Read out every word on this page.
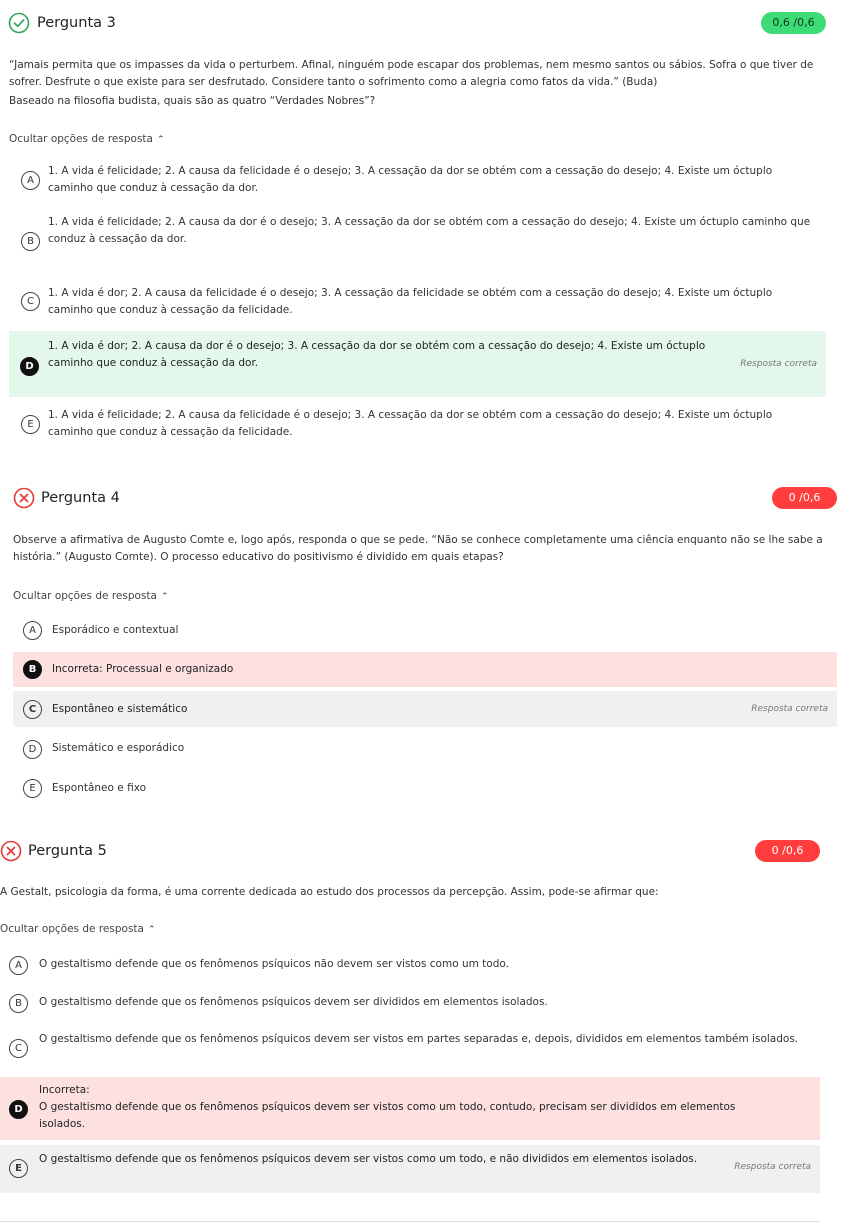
Pergunta 3	0,6 /0,6
“Jamais permita que os impasses da vida o perturbem. Afinal, ninguém pode escapar dos problemas, nem mesmo santos ou sábios. Sofra o que tiver de sofrer. Desfrute o que existe para ser desfrutado. Considere tanto o sofrimento como a alegria como fatos da vida.” (Buda)
Baseado na filosofia budista, quais são as quatro “Verdades Nobres”?
Ocultar opções de resposta ⌃
A
1. A vida é felicidade; 2. A causa da felicidade é o desejo; 3. A cessação da dor se obtém com a cessação do desejo; 4. Existe um óctuplo caminho que conduz à cessação da dor.
B
1. A vida é felicidade; 2. A causa da dor é o desejo; 3. A cessação da dor se obtém com a cessação do desejo; 4. Existe um óctuplo caminho que conduz à cessação da dor.
C
1. A vida é dor; 2. A causa da felicidade é o desejo; 3. A cessação da felicidade se obtém com a cessação do desejo; 4. Existe um óctuplo caminho que conduz à cessação da felicidade.
D
1. A vida é dor; 2. A causa da dor é o desejo; 3. A cessação da dor se obtém com a cessação do desejo; 4. Existe um óctuplo caminho que conduz à cessação da dor.	Resposta correta
E
1. A vida é felicidade; 2. A causa da felicidade é o desejo; 3. A cessação da dor se obtém com a cessação do desejo; 4. Existe um óctuplo caminho que conduz à cessação da felicidade.
Pergunta 4	0 /0,6
Observe a afirmativa de Augusto Comte e, logo após, responda o que se pede. “Não se conhece completamente uma ciência enquanto não se lhe sabe a história.” (Augusto Comte). O processo educativo do positivismo é dividido em quais etapas?
Ocultar opções de resposta ⌃
A	Esporádico e contextual
B	Incorreta: Processual e organizado
C	Espontâneo e sistemático	Resposta correta
D	Sistemático e esporádico
E	Espontâneo e fixo
Pergunta 5	0 /0,6
A Gestalt, psicologia da forma, é uma corrente dedicada ao estudo dos processos da percepção. Assim, pode-se afirmar que:
Ocultar opções de resposta ⌃
A	O gestaltismo defende que os fenômenos psíquicos não devem ser vistos como um todo.
B	O gestaltismo defende que os fenômenos psíquicos devem ser divididos em elementos isolados.
C
O gestaltismo defende que os fenômenos psíquicos devem ser vistos em partes separadas e, depois, divididos em elementos também isolados.
D
Incorreta:
O gestaltismo defende que os fenômenos psíquicos devem ser vistos como um todo, contudo, precisam ser divididos em elementos isolados.
E
O gestaltismo defende que os fenômenos psíquicos devem ser vistos como um todo, e não divididos em elementos isolados.
Resposta correta
